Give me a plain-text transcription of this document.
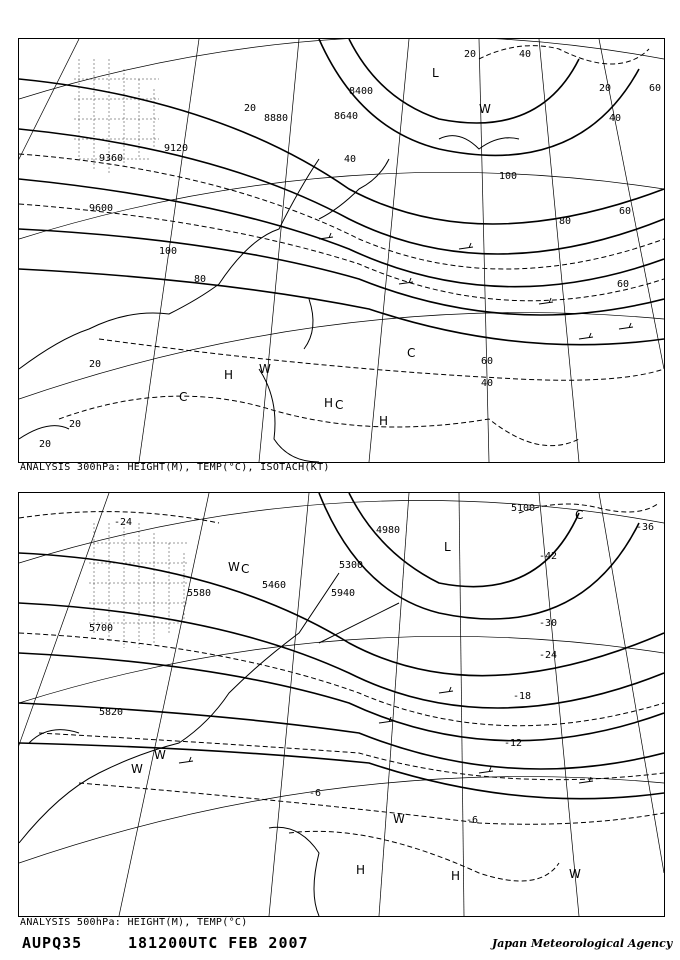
8400
8640
8880
9120
9360
9600
20	40
40
60
60
60
80
100
100
80
60
40
20
20
20
40
20
20
L
W
H W
C	H C
H
C
ANALYSIS 300hPa: HEIGHT(M), TEMP(°C), ISOTACH(KT)
5100
4980
5300
5460
5580	5940
5700
5820
-24	-36
-42
-30
-24
-18
-12
-6
-6
L
C
W C
W
W
H	H	W
W
ANALYSIS 500hPa: HEIGHT(M), TEMP(°C)
AUPQ35	181200UTC FEB 2007	Japan Meteorological Agency
